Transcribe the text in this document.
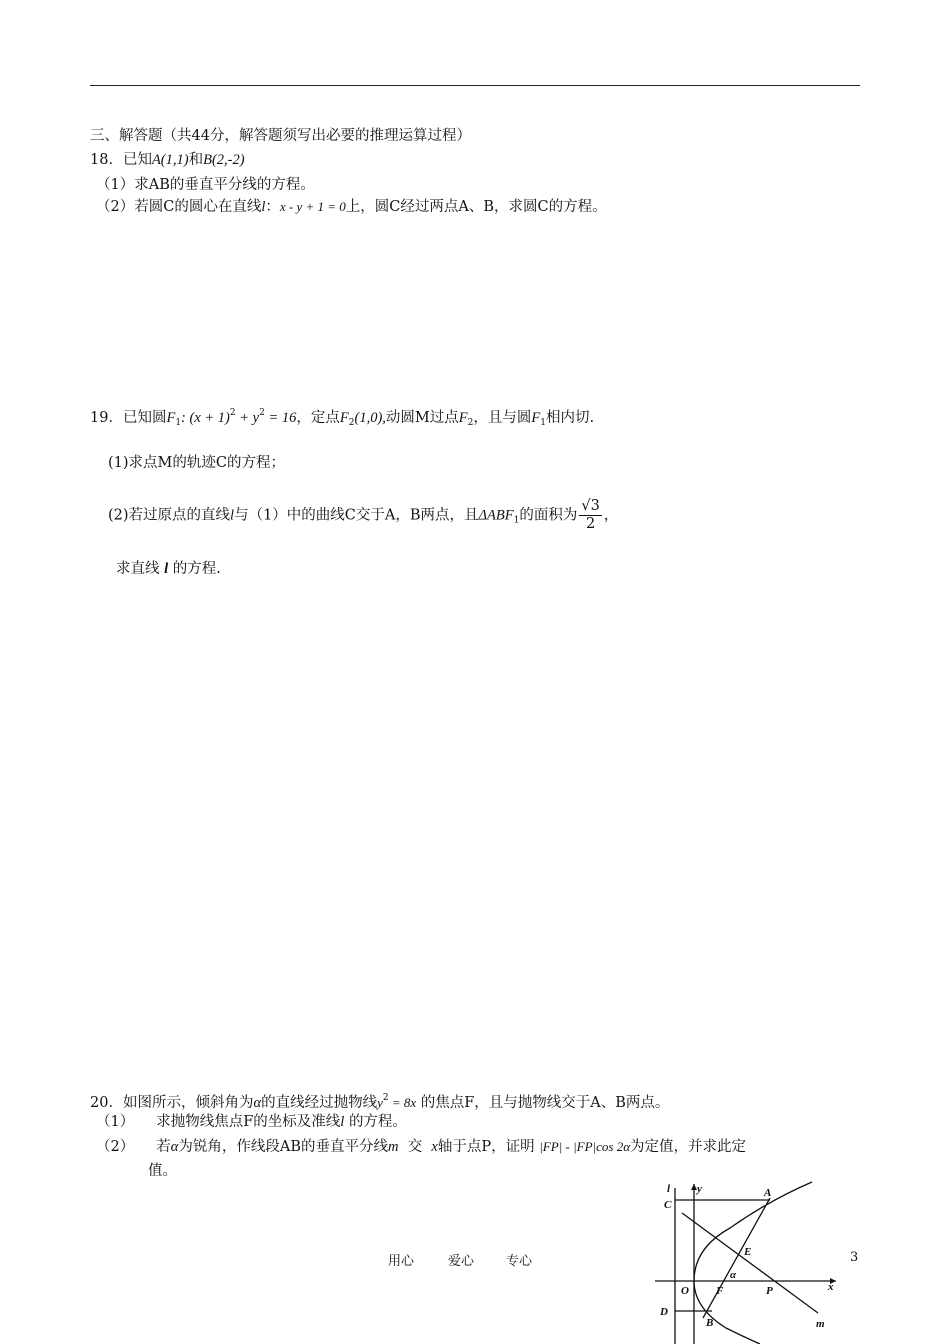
三、解答题（共44分，解答题须写出必要的推理运算过程）
18．已知A(1,1)和B(2,-2)
（1）求AB的垂直平分线的方程。
（2）若圆C的圆心在直线l：x - y + 1 = 0上，圆C经过两点A、B，求圆C的方程。
19．已知圆$F_1$: $(x + 1)^2 + y^2 = 16$，定点$F_2(1,0)$,动圆M过点$F_2$，且与圆$F_1$相内切.
(1)求点M的轨迹C的方程；
(2)若过原点的直线l与（1）中的曲线C交于A，B两点，且$\Delta ABF_1$的面积为 $\frac{√3}{2}$ ，
求直线 l 的方程.
20．如图所示，倾斜角为α的直线经过抛物线$y^2 = 8x$ 的焦点F，且与抛物线交于A、B两点。
（1） 求抛物线焦点F的坐标及准线l 的方程。
（2） 若α为锐角，作线段AB的垂直平分线m 交 x轴于点P，证明 |FP| - |FP|cos 2α为定值，并求此定
值。
C
l y	A
E
α
O F	P	x
D
B	m
用心	爱心 专心	3
